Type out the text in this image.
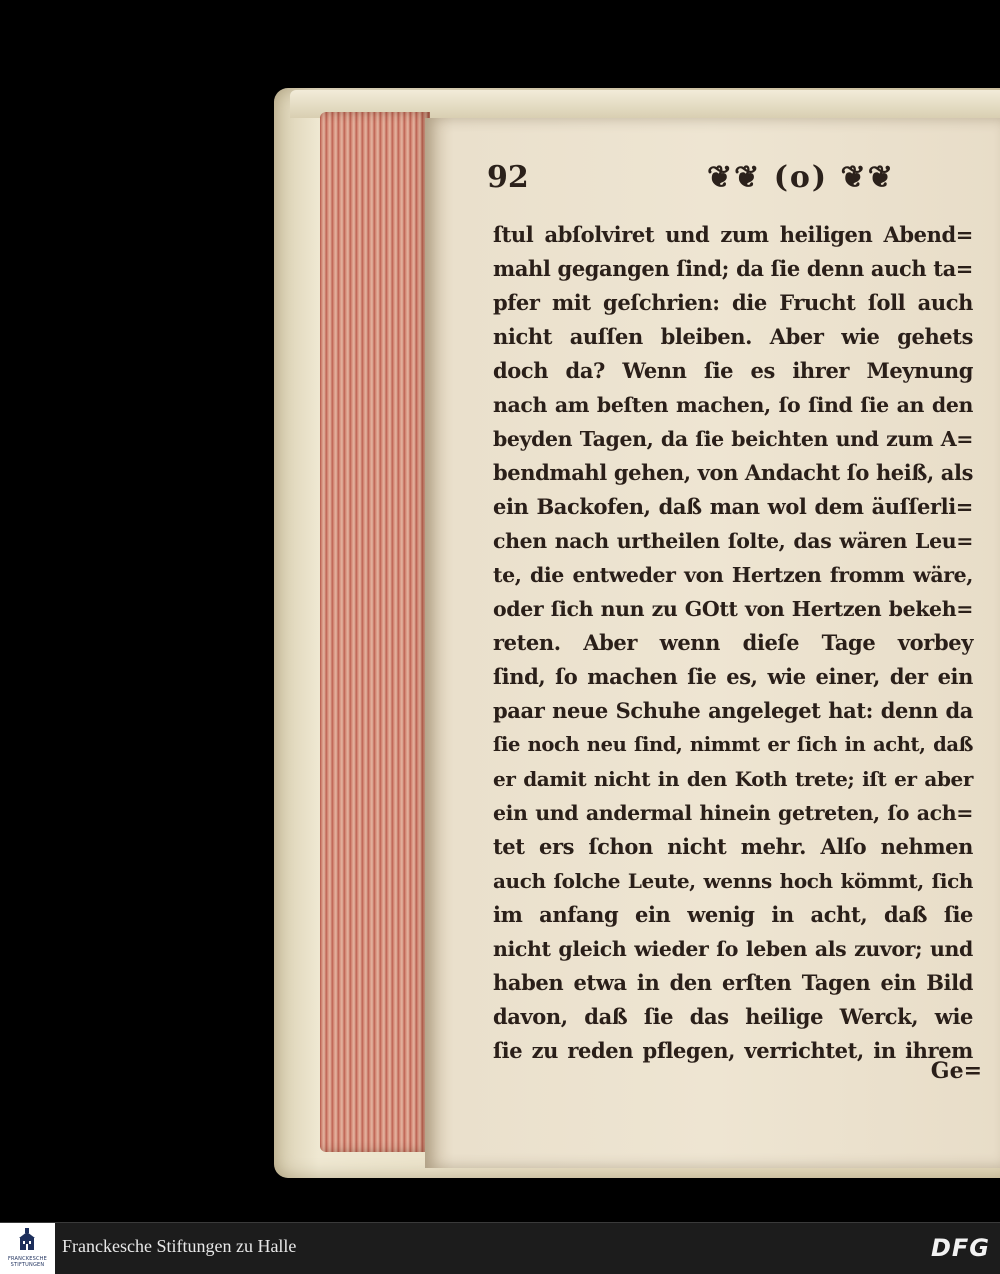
92	❦❦ (o) ❦❦
ſtul abſolviret und zum heiligen Abend=
mahl gegangen ſind; da ſie denn auch ta=
pfer mit geſchrien: die Frucht ſoll auch
nicht auſſen bleiben. Aber wie gehets
doch da? Wenn ſie es ihrer Meynung
nach am beſten machen, ſo ſind ſie an den
beyden Tagen, da ſie beichten und zum A=
bendmahl gehen, von Andacht ſo heiß, als
ein Backofen, daß man wol dem äuſſerli=
chen nach urtheilen ſolte, das wären Leu=
te, die entweder von Hertzen fromm wäre,
oder ſich nun zu GOtt von Hertzen bekeh=
reten. Aber wenn dieſe Tage vorbey
ſind, ſo machen ſie es, wie einer, der ein
paar neue Schuhe angeleget hat: denn da
ſie noch neu ſind, nimmt er ſich in acht, daß
er damit nicht in den Koth trete; iſt er aber
ein und andermal hinein getreten, ſo ach=
tet ers ſchon nicht mehr. Alſo nehmen
auch ſolche Leute, wenns hoch kömmt, ſich
im anfang ein wenig in acht, daß ſie
nicht gleich wieder ſo leben als zuvor; und
haben etwa in den erſten Tagen ein Bild
davon, daß ſie das heilige Werck, wie
ſie zu reden pflegen, verrichtet, in ihrem
Ge=
FRANCKESCHE STIFTUNGEN
Franckesche Stiftungen zu Halle	DFG
